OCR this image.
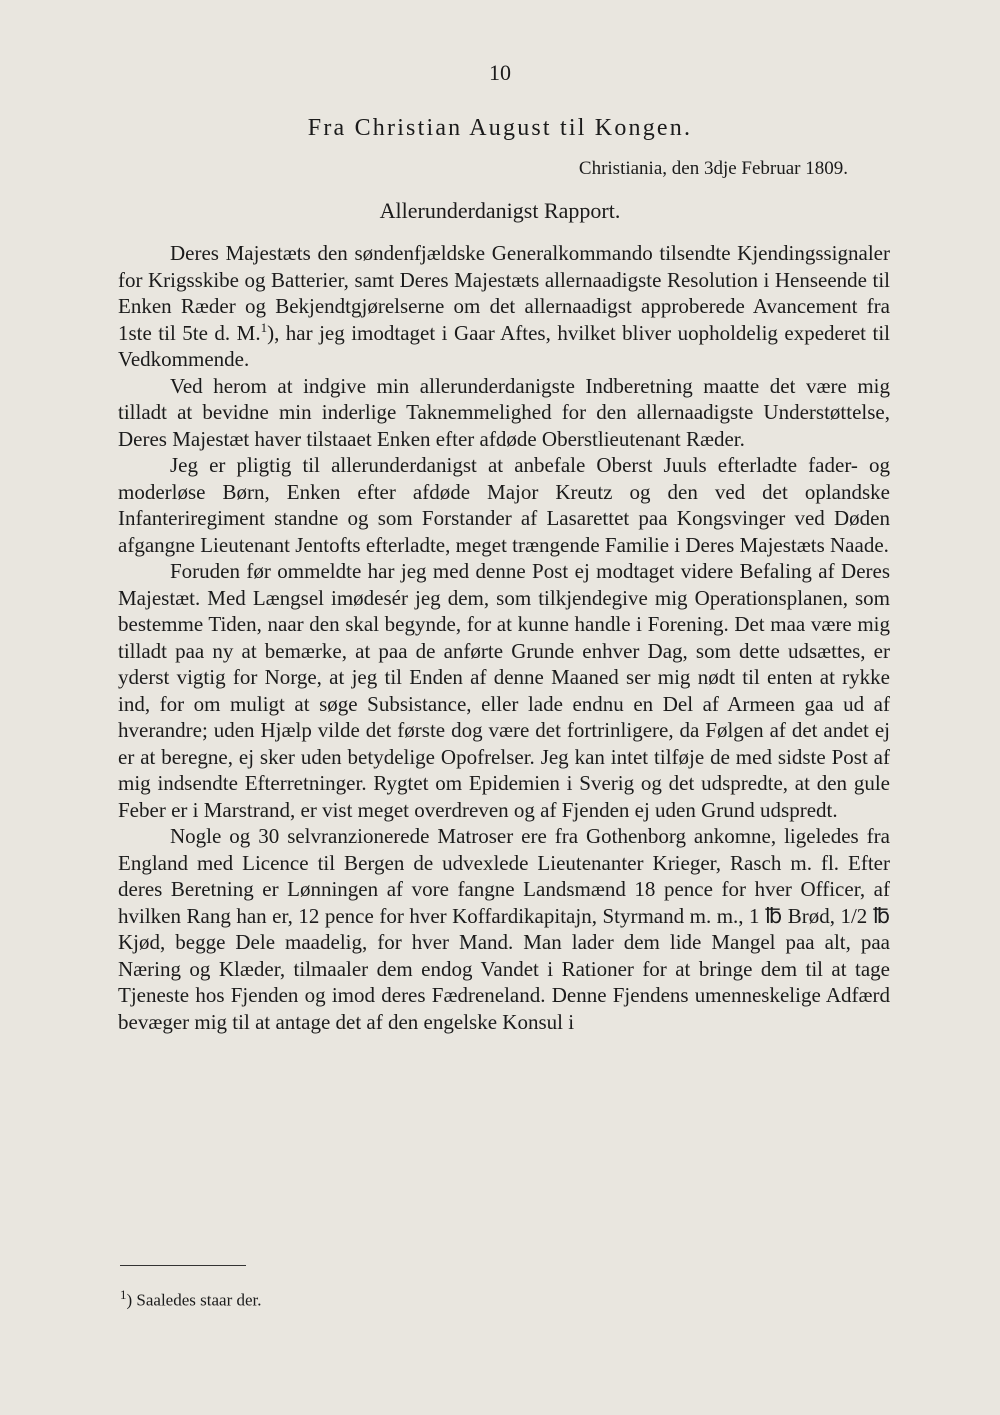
10
Fra Christian August til Kongen.
Christiania, den 3dje Februar 1809.
Allerunderdanigst Rapport.

Deres Majestæts den søndenfjældske Generalkommando tilsendte Kjendingssignaler for Krigsskibe og Batterier, samt Deres Majestæts allernaadigste Resolution i Henseende til Enken Ræder og Bekjendtgjørelserne om det allernaadigst approberede Avancement fra 1ste til 5te d. M.$^1$), har jeg imodtaget i Gaar Aftes, hvilket bliver uopholdelig expederet til Vedkommende.

Ved herom at indgive min allerunderdanigste Indberetning maatte det være mig tilladt at bevidne min inderlige Taknemmelighed for den allernaadigste Understøttelse, Deres Majestæt haver tilstaaet Enken efter afdøde Oberstlieutenant Ræder.

Jeg er pligtig til allerunderdanigst at anbefale Oberst Juuls efterladte fader- og moderløse Børn, Enken efter afdøde Major Kreutz og den ved det oplandske Infanteriregiment standne og som Forstander af Lasarettet paa Kongsvinger ved Døden afgangne Lieutenant Jentofts efterladte, meget trængende Familie i Deres Majestæts Naade.

Foruden før ommeldte har jeg med denne Post ej modtaget videre Befaling af Deres Majestæt. Med Længsel imødesér jeg dem, som tilkjendegive mig Operationsplanen, som bestemme Tiden, naar den skal begynde, for at kunne handle i Forening. Det maa være mig tilladt paa ny at bemærke, at paa de anførte Grunde enhver Dag, som dette udsættes, er yderst vigtig for Norge, at jeg til Enden af denne Maaned ser mig nødt til enten at rykke ind, for om muligt at søge Subsistance, eller lade endnu en Del af Armeen gaa ud af hverandre; uden Hjælp vilde det første dog være det fortrinligere, da Følgen af det andet ej er at beregne, ej sker uden betydelige Opofrelser. Jeg kan intet tilføje de med sidste Post af mig indsendte Efterretninger. Rygtet om Epidemien i Sverig og det udspredte, at den gule Feber er i Marstrand, er vist meget overdreven og af Fjenden ej uden Grund udspredt.

Nogle og 30 selvranzionerede Matroser ere fra Gothenborg ankomne, ligeledes fra England med Licence til Bergen de udvexlede Lieutenanter Krieger, Rasch m. fl. Efter deres Beretning er Lønningen af vore fangne Landsmænd 18 pence for hver Officer, af hvilken Rang han er, 12 pence for hver Koffardikapitajn, Styrmand m. m., 1 ℔ Brød, 1/2 ℔ Kjød, begge Dele maadelig, for hver Mand. Man lader dem lide Mangel paa alt, paa Næring og Klæder, tilmaaler dem endog Vandet i Rationer for at bringe dem til at tage Tjeneste hos Fjenden og imod deres Fædreneland. Denne Fjendens umenneskelige Adfærd bevæger mig til at antage det af den engelske Konsul i

$^1$) Saaledes staar der.
